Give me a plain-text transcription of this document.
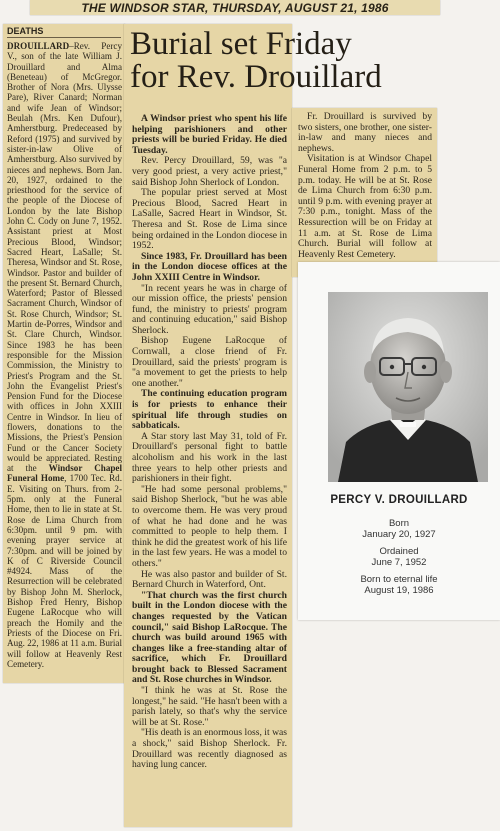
THE WINDSOR STAR, THURSDAY, AUGUST 21, 1986
DEATHS

DROUILLARD–Rev. Percy V., son of the late William J. Drouillard and Alma (Beneteau) of McGregor. Brother of Nora (Mrs. Ulysse Pare), River Canard; Norman and wife Jean of Windsor; Beulah (Mrs. Ken Dufour), Amherstburg. Predeceased by Reford (1975) and survived by sister-in-law Olive of Amherstburg. Also survived by nieces and nephews. Born Jan. 20, 1927, ordained to the priesthood for the service of the people of the Diocese of London by the late Bishop John C. Cody on June 7, 1952. Assistant priest at Most Precious Blood, Windsor; Sacred Heart, LaSalle; St. Theresa, Windsor and St. Rose, Windsor. Pastor and builder of the present St. Bernard Church, Waterford; Pastor of Blessed Sacrament Church, Windsor of St. Rose Church, Windsor; St. Martin de-Porres, Windsor and St. Clare Church, Windsor. Since 1983 he has been responsible for the Mission Commission, the Ministry to Priest's Program and the St. John the Evangelist Priest's Pension Fund for the Diocese with offices in John XXIII Centre in Windsor. In lieu of flowers, donations to the Missions, the Priest's Pension Fund or the Cancer Society would be appreciated. Resting at the Windsor Chapel Funeral Home, 1700 Tec. Rd. E. Visiting on Thurs. from 2- 5pm. only at the Funeral Home, then to lie in state at St. Rose de Lima Church from 6:30pm. until 9 pm. with evening prayer service at 7:30pm. and will be joined by K of C Riverside Council #4924. Mass of the Resurrection will be celebrated by Bishop John M. Sherlock, Bishop Fred Henry, Bishop Eugene LaRocque who will preach the Homily and the Priests of the Diocese on Fri. Aug. 22, 1986 at 11 a.m. Burial will follow at Heavenly Rest Cemetery.

Burial set Friday
for Rev. Drouillard

A Windsor priest who spent his life helping parishioners and other priests will be buried Friday. He died Tuesday.

Rev. Percy Drouillard, 59, was "a very good priest, a very active priest," said Bishop John Sherlock of London.

The popular priest served at Most Precious Blood, Sacred Heart in LaSalle, Sacred Heart in Windsor, St. Theresa and St. Rose de Lima since being ordained in the London diocese in 1952.

Since 1983, Fr. Drouillard has been in the London diocese offices at the John XXIII Centre in Windsor.

"In recent years he was in charge of our mission office, the priests' pension fund, the ministry to priests' program and continuing education," said Bishop Sherlock.

Bishop Eugene LaRocque of Cornwall, a close friend of Fr. Drouillard, said the priests' program is "a movement to get the priests to help one another."

The continuing education program is for priests to enhance their spiritual life through studies on sabbaticals.

A Star story last May 31, told of Fr. Drouillard's personal fight to battle alcoholism and his work in the last three years to help other priests and parishioners in their fight.

"He had some personal problems," said Bishop Sherlock, "but he was able to overcome them. He was very proud of what he had done and he was committed to people to help them. I think he did the greatest work of his life in the last few years. He was a model to others."

He was also pastor and builder of St. Bernard Church in Waterford, Ont.

"That church was the first church built in the London diocese with the changes requested by the Vatican council," said Bishop LaRocque. The church was build around 1965 with changes like a free-standing altar of sacrifice, which Fr. Drouillard brought back to Blessed Sacrament and St. Rose churches in Windsor.

"I think he was at St. Rose the longest," he said. "He hasn't been with a parish lately, so that's why the service will be at St. Rose."

"His death is an enormous loss, it was a shock," said Bishop Sherlock. Fr. Drouillard was recently diagnosed as having lung cancer.

Fr. Drouillard is survived by two sisters, one brother, one sister-in-law and many nieces and nephews.

Visitation is at Windsor Chapel Funeral Home from 2 p.m. to 5 p.m. today. He will be at St. Rose de Lima Church from 6:30 p.m. until 9 p.m. with evening prayer at 7:30 p.m., tonight. Mass of the Ressurection will be on Friday at 11 a.m. at St. Rose de Lima Church. Burial will follow at Heavenly Rest Cemetery.

PERCY V. DROUILLARD
Born
January 20, 1927
Ordained
June 7, 1952
Born to eternal life
August 19, 1986
